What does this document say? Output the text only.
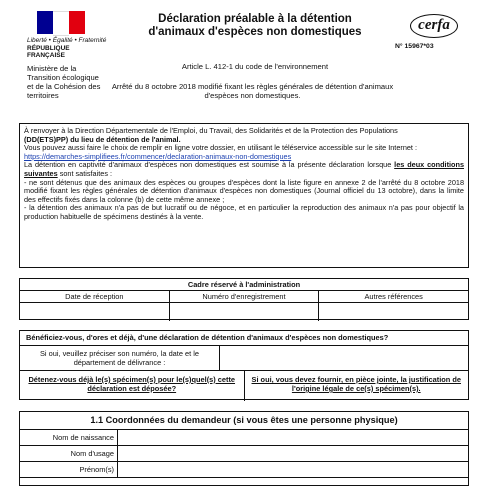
Liberté • Égalité • Fraternité
RÉPUBLIQUE FRANÇAISE
Déclaration préalable à la détention
d'animaux d'espèces non domestiques	cerfa
N° 15967*03
Ministère de la Transition écologique et de la Cohésion des territoires
Article L. 412-1 du code de l'environnement
Arrêté du 8 octobre 2018 modifié fixant les règles générales de détention d'animaux d'espèces non domestiques.

À renvoyer à la Direction Départementale de l'Emploi, du Travail, des Solidarités et de la Protection des Populations

(DD(ETS)PP) du lieu de détention de l'animal.

Vous pouvez aussi faire le choix de remplir en ligne votre dossier, en utilisant le téléservice accessible sur le site Internet :

https://demarches-simplifiees.fr/commencer/declaration-animaux-non-domestiques

La détention en captivité d'animaux d'espèces non domestiques est soumise à la présente déclaration lorsque les deux conditions suivantes sont satisfaites :

- ne sont détenus que des animaux des espèces ou groupes d'espèces dont la liste figure en annexe 2 de l'arrêté du 8 octobre 2018 modifié fixant les règles générales de détention d'animaux d'espèces non domestiques (Journal officiel du 13 octobre), dans la limite des effectifs fixés dans la colonne (b) de cette même annexe ;

- la détention des animaux n'a pas de but lucratif ou de négoce, et en particulier la reproduction des animaux n'a pas pour objectif la production habituelle de spécimens destinés à la vente.

Cadre réservé à l'administration
Date de réception	Numéro d'enregistrement	Autres références
Bénéficiez-vous, d'ores et déjà, d'une déclaration de détention d'animaux d'espèces non domestiques?
Si oui, veuillez préciser son numéro, la date et le département de délivrance :
Détenez-vous déjà le(s) spécimen(s) pour le(s)quel(s) cette déclaration est déposée?
Si oui, vous devez fournir, en pièce jointe, la justification de l'origine légale de ce(s) spécimen(s).
1.1 Coordonnées du demandeur (si vous êtes une personne physique)
Nom de naissance
Nom d'usage
Prénom(s)
